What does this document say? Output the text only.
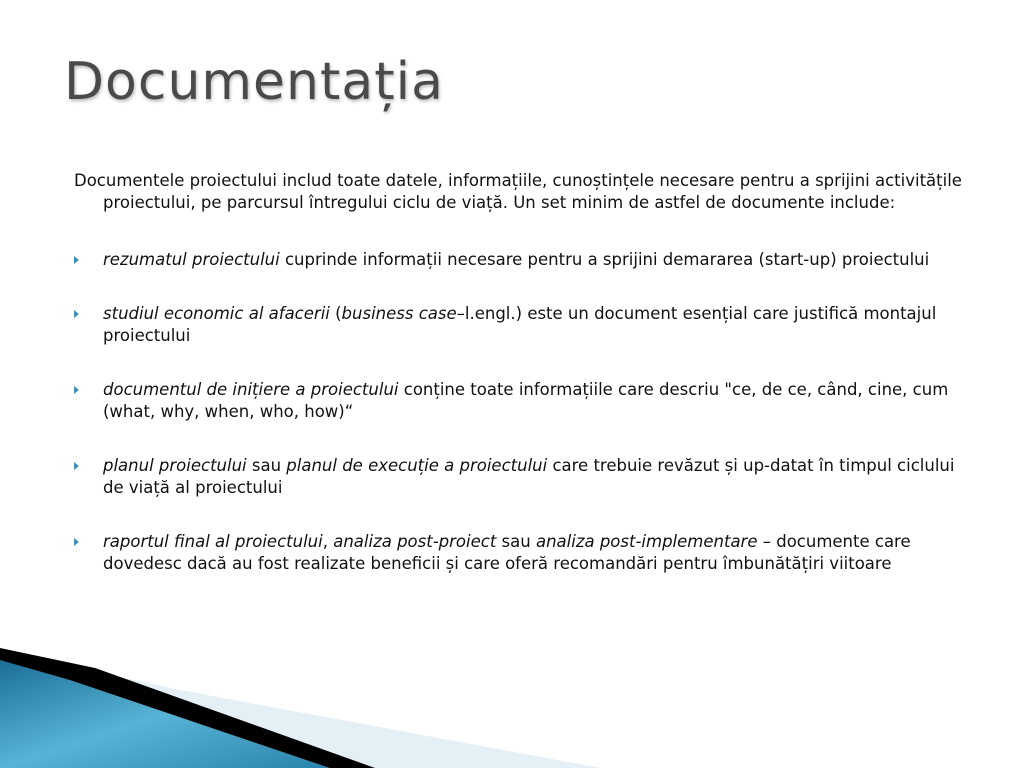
Documentația

Documentele proiectului includ toate datele, informațiile, cunoștințele necesare pentru a sprijini activitățile proiectului, pe parcursul întregului ciclu de viață. Un set minim de astfel de documente include:

rezumatul proiectului cuprinde informații necesare pentru a sprijini demararea (start-up) proiectului
studiul economic al afacerii (business case–l.engl.) este un document esențial care justifică montajul proiectului
documentul de inițiere a proiectului conține toate informațiile care descriu "ce, de ce, când, cine, cum (what, why, when, who, how)“
planul proiectului sau planul de execuție a proiectului care trebuie revăzut și up-datat în timpul ciclului de viață al proiectului
raportul final al proiectului, analiza post-proiect sau analiza post-implementare – documente care dovedesc dacă au fost realizate beneficii și care oferă recomandări pentru îmbunătățiri viitoare
